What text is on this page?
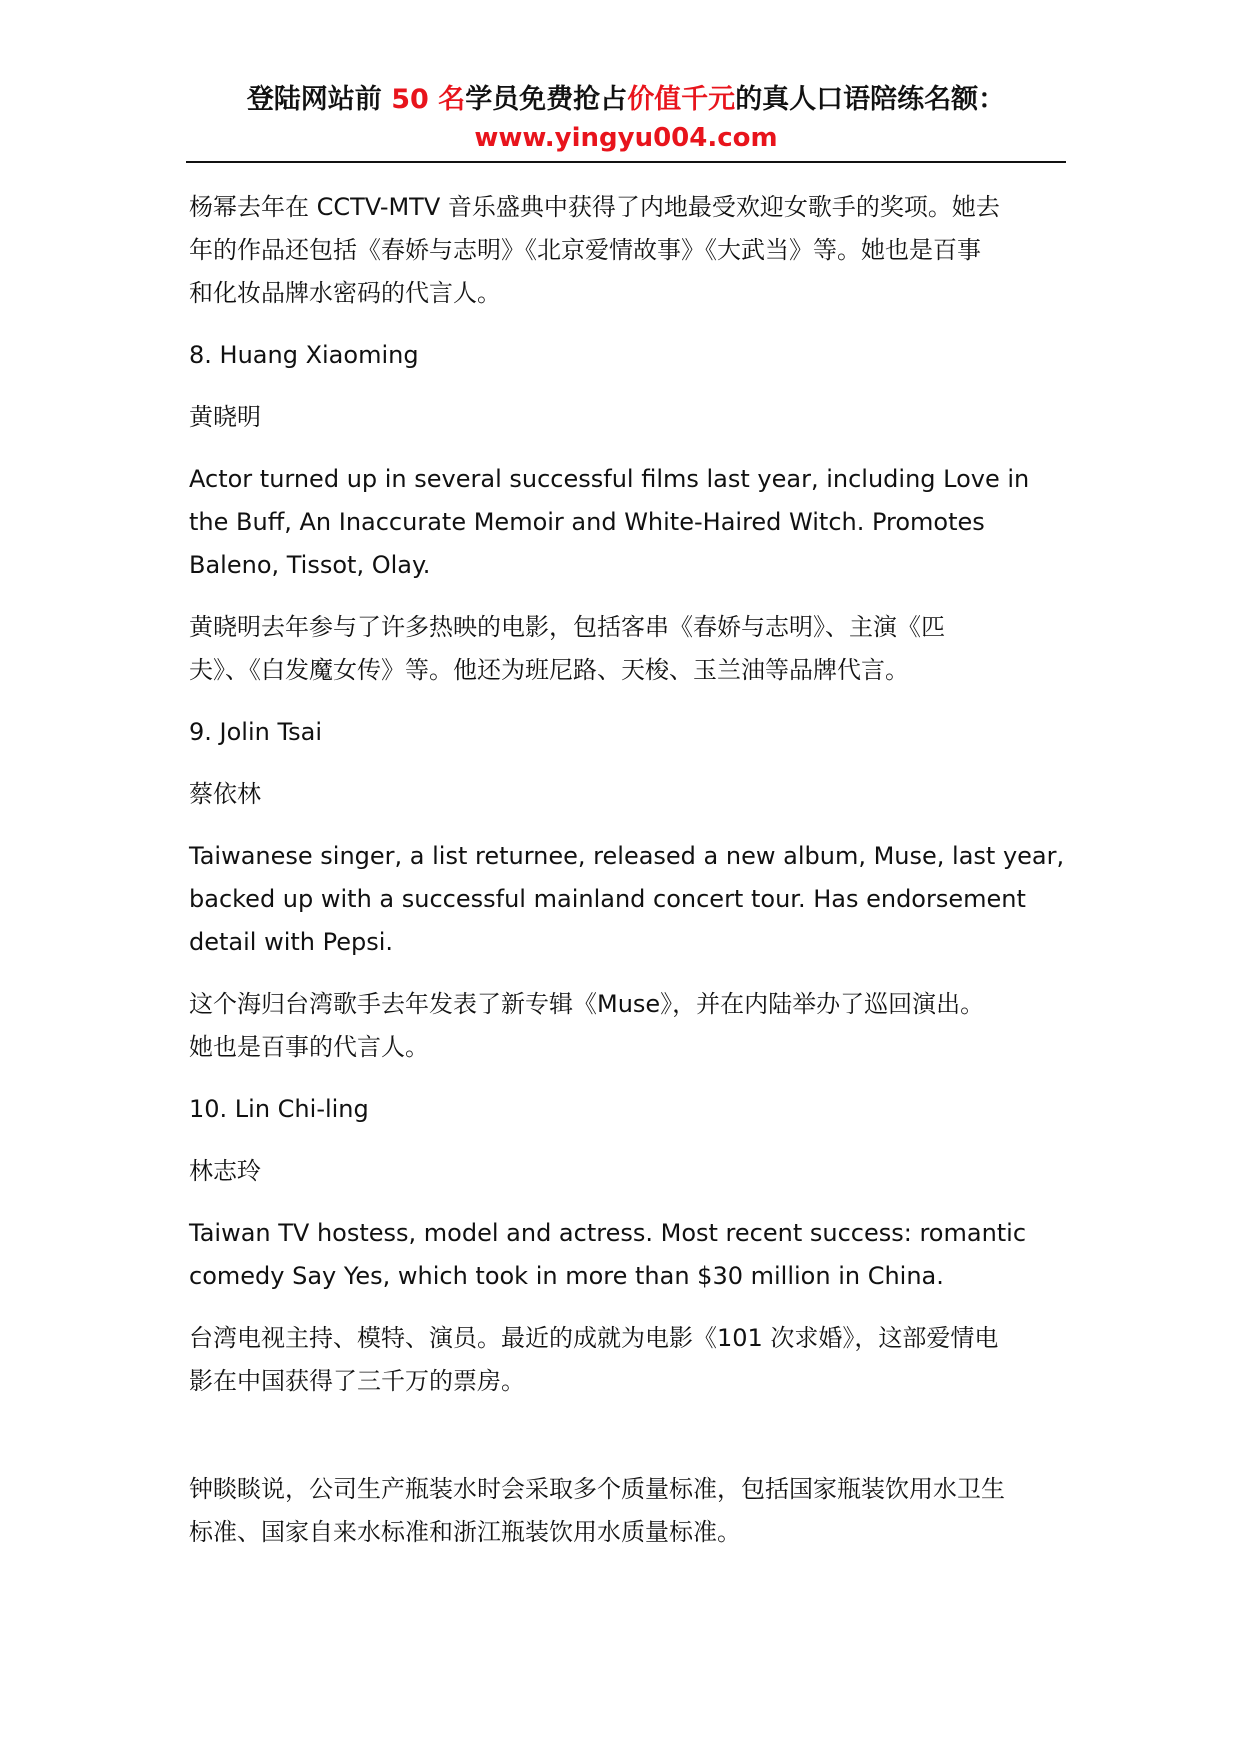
登陆网站前 50 名学员免费抢占价值千元的真人口语陪练名额：
www.yingyu004.com

杨幂去年在 CCTV-MTV 音乐盛典中获得了内地最受欢迎女歌手的奖项。她去

年的作品还包括《春娇与志明》《北京爱情故事》《大武当》等。她也是百事

和化妆品牌水密码的代言人。

8. Huang Xiaoming

黄晓明

Actor turned up in several successful films last year, including Love in

the Buff, An Inaccurate Memoir and White-Haired Witch. Promotes

Baleno, Tissot, Olay.

黄晓明去年参与了许多热映的电影，包括客串《春娇与志明》、主演《匹

夫》、《白发魔女传》等。他还为班尼路、天梭、玉兰油等品牌代言。

9. Jolin Tsai

蔡依林

Taiwanese singer, a list returnee, released a new album, Muse, last year,

backed up with a successful mainland concert tour. Has endorsement

detail with Pepsi.

这个海归台湾歌手去年发表了新专辑《Muse》，并在内陆举办了巡回演出。

她也是百事的代言人。

10. Lin Chi-ling

林志玲

Taiwan TV hostess, model and actress. Most recent success: romantic

comedy Say Yes, which took in more than $30 million in China.

台湾电视主持、模特、演员。最近的成就为电影《101 次求婚》，这部爱情电

影在中国获得了三千万的票房。

钟睒睒说，公司生产瓶装水时会采取多个质量标准，包括国家瓶装饮用水卫生

标准、国家自来水标准和浙江瓶装饮用水质量标准。
